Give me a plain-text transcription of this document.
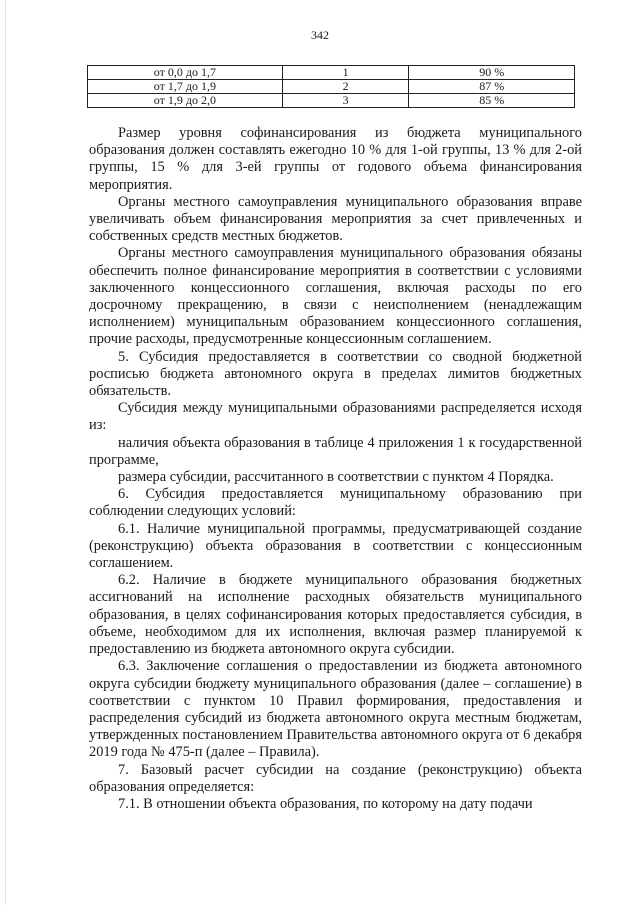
342
от 0,0 до 1,7	1	90 %
от 1,7 до 1,9	2	87 %
от 1,9 до 2,0	3	85 %

Размер уровня софинансирования из бюджета муниципального образования должен составлять ежегодно 10 % для 1-ой группы, 13 % для 2-ой группы, 15 % для 3-ей группы от годового объема финансирования мероприятия.

Органы местного самоуправления муниципального образования вправе увеличивать объем финансирования мероприятия за счет привлеченных и собственных средств местных бюджетов.

Органы местного самоуправления муниципального образования обязаны обеспечить полное финансирование мероприятия в соответствии с условиями заключенного концессионного соглашения, включая расходы по его досрочному прекращению, в связи с неисполнением (ненадлежащим исполнением) муниципальным образованием концессионного соглашения, прочие расходы, предусмотренные концессионным соглашением.

5. Субсидия предоставляется в соответствии со сводной бюджетной росписью бюджета автономного округа в пределах лимитов бюджетных обязательств.

Субсидия между муниципальными образованиями распределяется исходя из:

наличия объекта образования в таблице 4 приложения 1 к государственной программе,

размера субсидии, рассчитанного в соответствии с пунктом 4 Порядка.

6. Субсидия предоставляется муниципальному образованию при соблюдении следующих условий:

6.1. Наличие муниципальной программы, предусматривающей создание (реконструкцию) объекта образования в соответствии с концессионным соглашением.

6.2. Наличие в бюджете муниципального образования бюджетных ассигнований на исполнение расходных обязательств муниципального образования, в целях софинансирования которых предоставляется субсидия, в объеме, необходимом для их исполнения, включая размер планируемой к предоставлению из бюджета автономного округа субсидии.

6.3. Заключение соглашения о предоставлении из бюджета автономного округа субсидии бюджету муниципального образования (далее – соглашение) в соответствии с пунктом 10 Правил формирования, предоставления и распределения субсидий из бюджета автономного округа местным бюджетам, утвержденных постановлением Правительства автономного округа от 6 декабря 2019 года № 475-п (далее – Правила).

7. Базовый расчет субсидии на создание (реконструкцию) объекта образования определяется:

7.1. В отношении объекта образования, по которому на дату подачи
